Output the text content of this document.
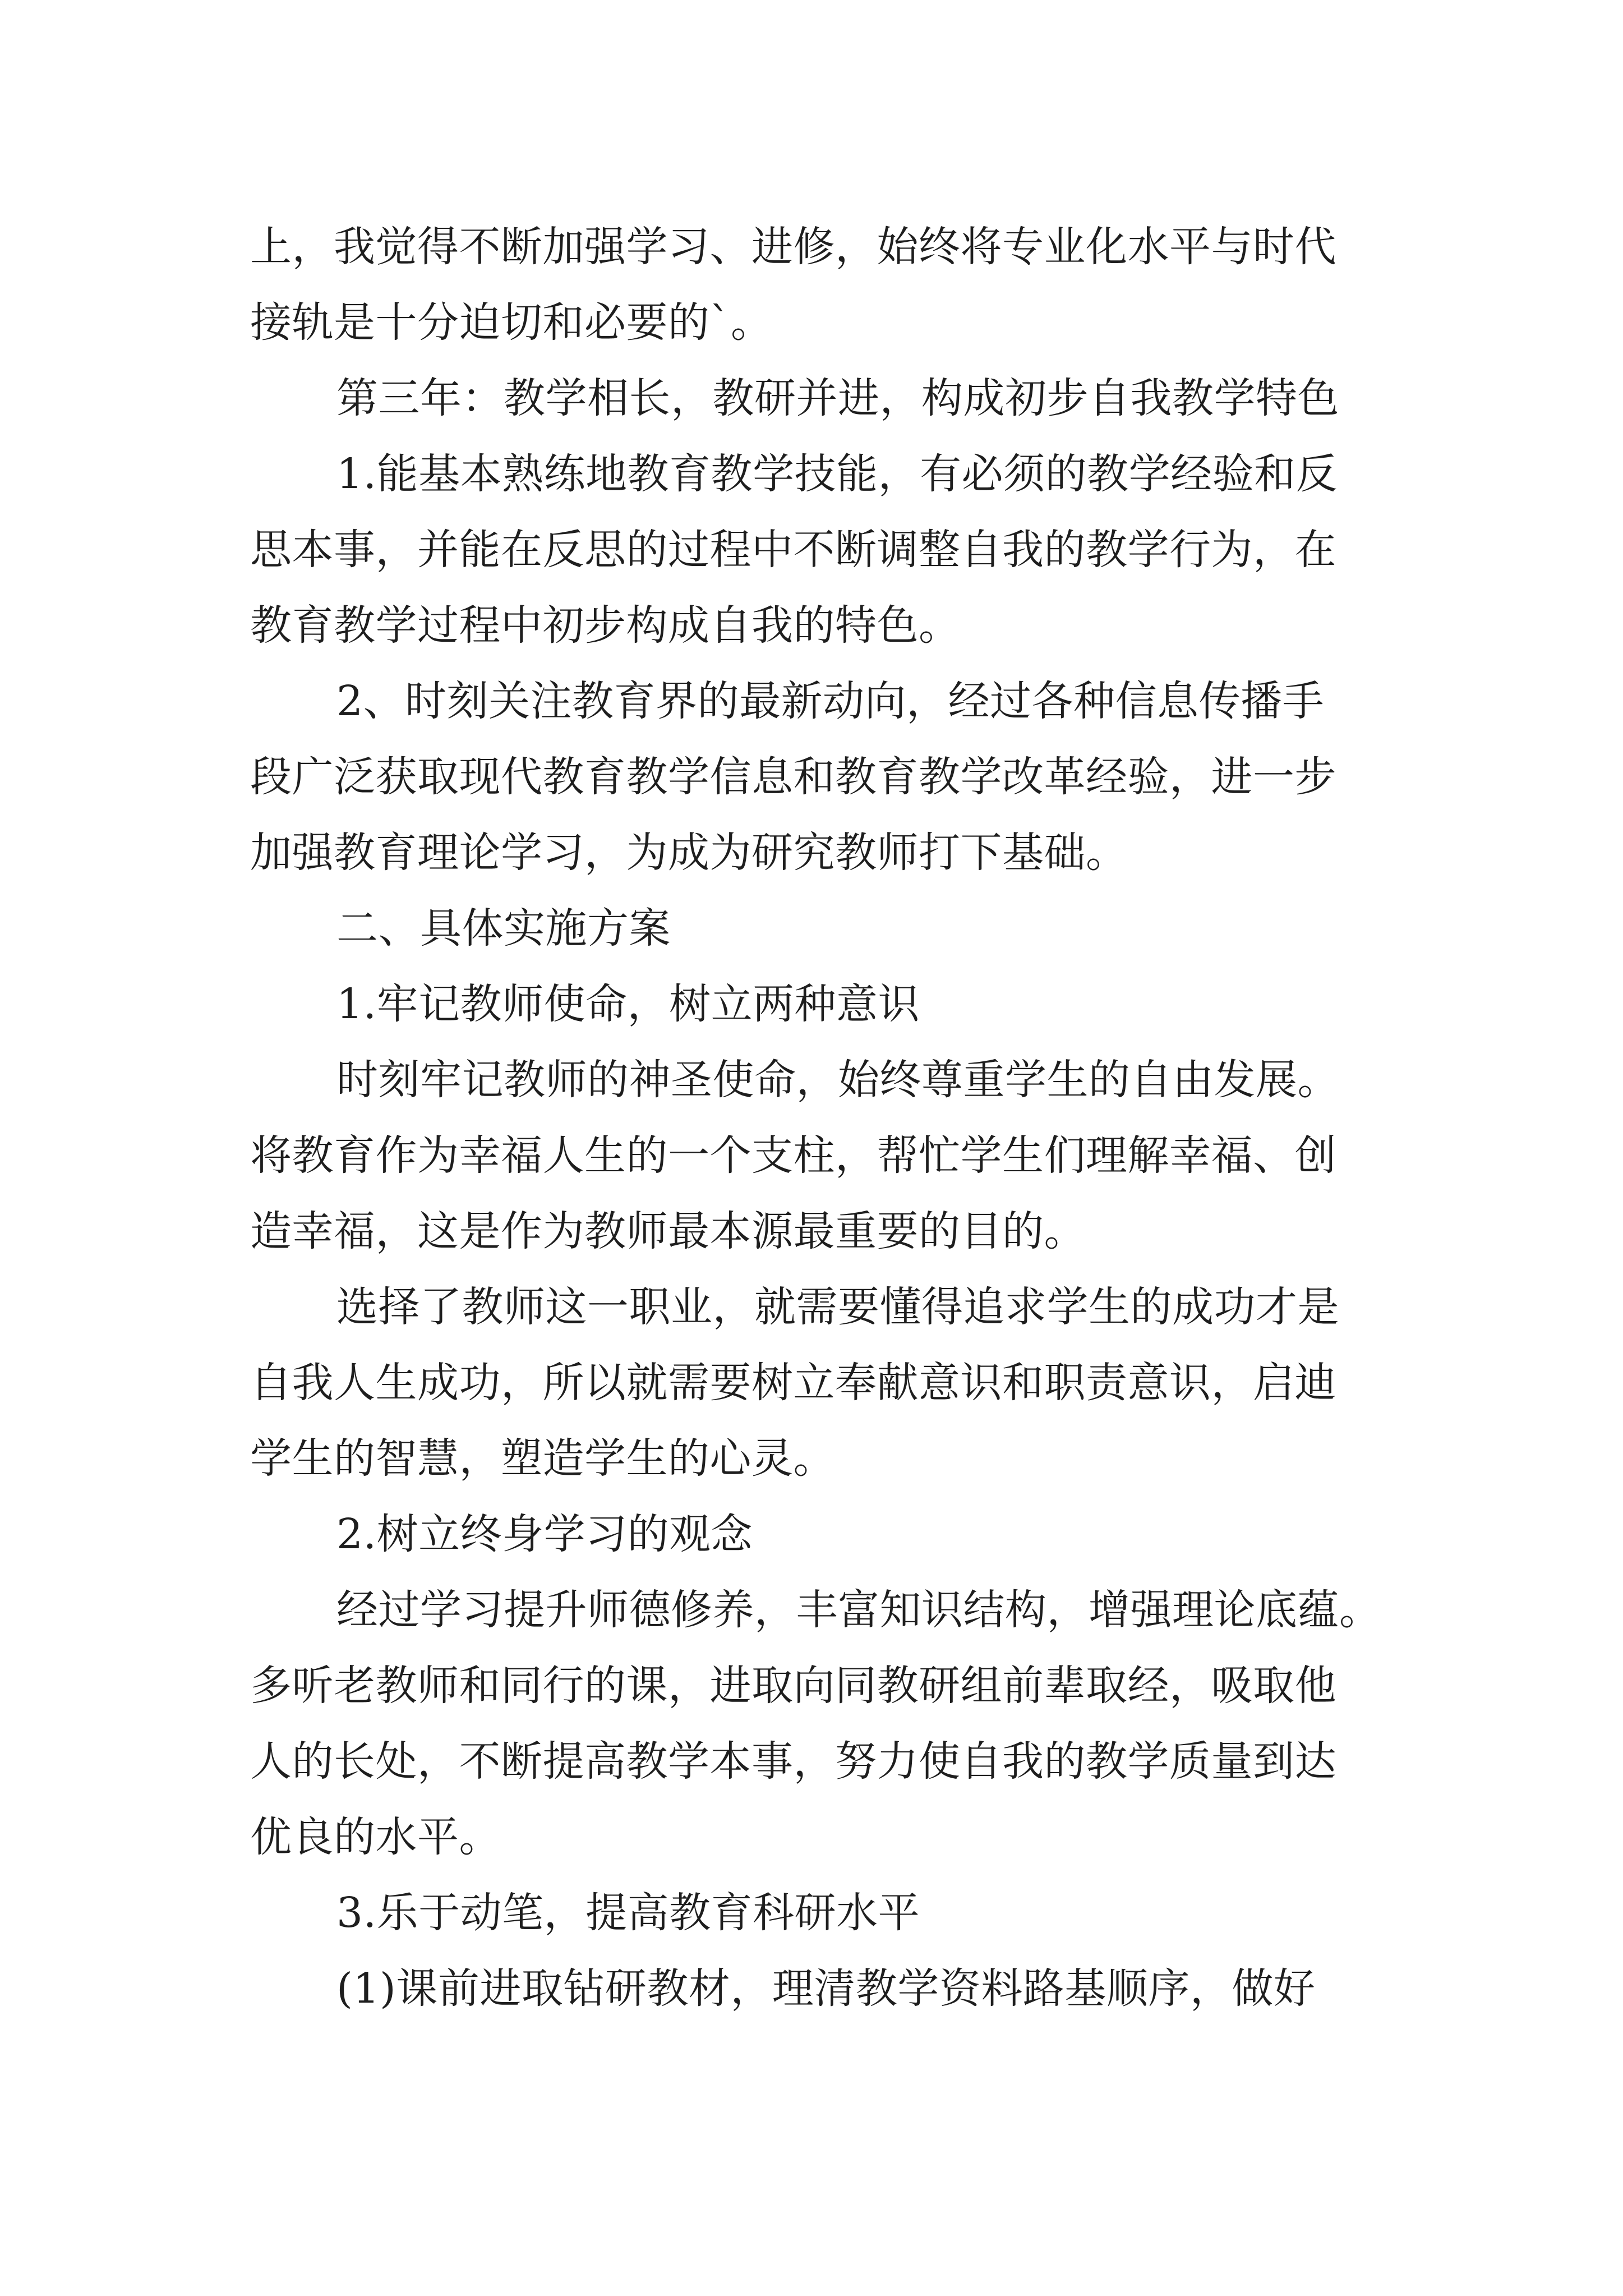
上，我觉得不断加强学习、进修，始终将专业化水平与时代
接轨是十分迫切和必要的`。
第三年：教学相长，教研并进，构成初步自我教学特色
1.能基本熟练地教育教学技能，有必须的教学经验和反
思本事，并能在反思的过程中不断调整自我的教学行为，在
教育教学过程中初步构成自我的特色。
2、时刻关注教育界的最新动向，经过各种信息传播手
段广泛获取现代教育教学信息和教育教学改革经验，进一步
加强教育理论学习，为成为研究教师打下基础。
二、具体实施方案
1.牢记教师使命，树立两种意识
时刻牢记教师的神圣使命，始终尊重学生的自由发展。
将教育作为幸福人生的一个支柱，帮忙学生们理解幸福、创
造幸福，这是作为教师最本源最重要的目的。
选择了教师这一职业，就需要懂得追求学生的成功才是
自我人生成功，所以就需要树立奉献意识和职责意识，启迪
学生的智慧，塑造学生的心灵。
2.树立终身学习的观念
经过学习提升师德修养，丰富知识结构，增强理论底蕴。
多听老教师和同行的课，进取向同教研组前辈取经，吸取他
人的长处，不断提高教学本事，努力使自我的教学质量到达
优良的水平。
3.乐于动笔，提高教育科研水平
(1)课前进取钻研教材，理清教学资料路基顺序，做好
